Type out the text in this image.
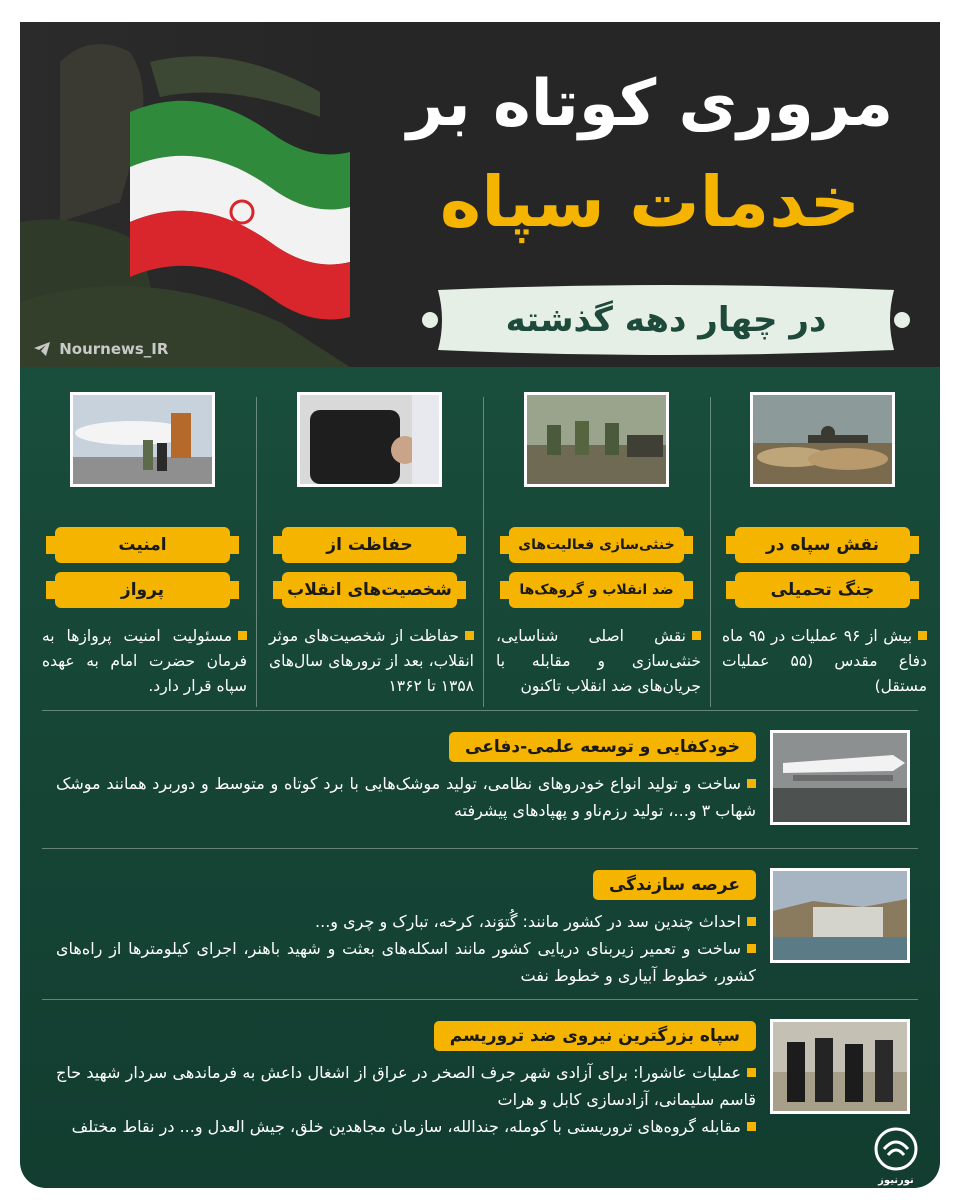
Nournews_IR
مروری کوتاه بر
خدمات سپاه
در چهار دهه گذشته
نقش سپاه در
جنگ تحمیلی
بیش از ۹۶ عملیات در ۹۵ ماه دفاع مقدس (۵۵ عملیات مستقل)
خنثی‌سازی فعالیت‌های
ضد انقلاب و گروهک‌ها
نقش اصلی شناسایی، خنثی‌سازی و مقابله با جریان‌های ضد انقلاب تاکنون
حفاظت از
شخصیت‌های انقلاب
حفاظت از شخصیت‌های موثر انقلاب، بعد از ترورهای سال‌های ۱۳۵۸ تا ۱۳۶۲
امنیت
پرواز
مسئولیت امنیت پروازها به فرمان حضرت امام به عهده سپاه قرار دارد.
خودکفایی و توسعه علمی-دفاعی

ساخت و تولید انواع خودروهای نظامی، تولید موشک‌هایی با برد کوتاه و متوسط و دوربرد همانند موشک شهاب ۳ و...، تولید رزم‌ناو و پهپادهای پیشرفته

عرصه سازندگی

احداث چندین سد در کشور مانند: گُتوَند، کرخه، تبارک و چری و...

ساخت و تعمیر زیربنای دریایی کشور مانند اسکله‌های بعثت و شهید باهنر، اجرای کیلومترها از راه‌های کشور، خطوط آبیاری و خطوط نفت

سپاه بزرگترین نیروی ضد تروریسم

عملیات عاشورا: برای آزادی شهر جرف الصخر در عراق از اشغال داعش به فرماندهی سردار شهید حاج قاسم سلیمانی، آزادسازی کابل و هرات

مقابله گروه‌های تروریستی با کومله، جندالله، سازمان مجاهدین خلق، جیش العدل و... در نقاط مختلف

نورنیوز
nournews
